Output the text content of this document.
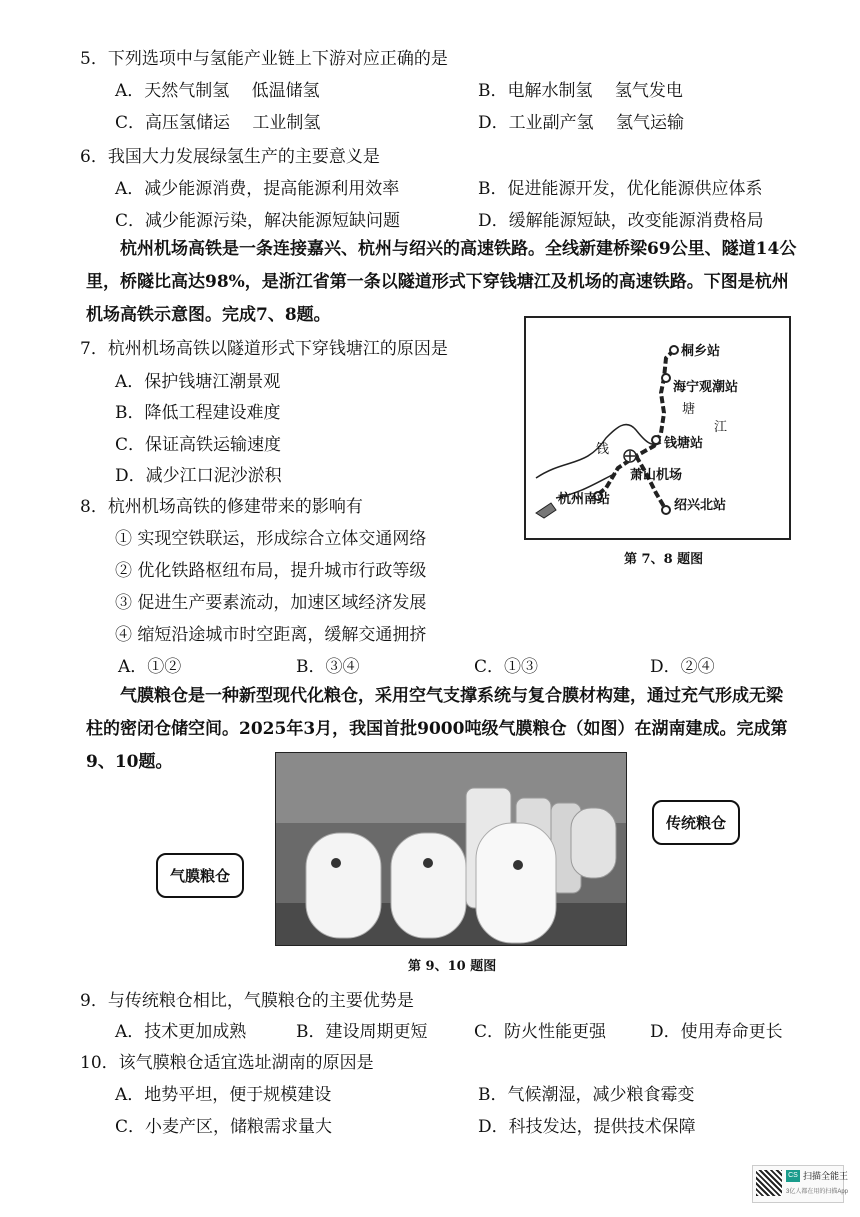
5．下列选项中与氢能产业链上下游对应正确的是
A．天然气制氢　 低温储氢	B．电解水制氢　 氢气发电
C．高压氢储运　 工业制氢	D．工业副产氢　 氢气运输
6．我国大力发展绿氢生产的主要意义是
A．减少能源消费，提高能源利用效率	B．促进能源开发，优化能源供应体系
C．减少能源污染，解决能源短缺问题	D．缓解能源短缺，改变能源消费格局
杭州机场高铁是一条连接嘉兴、杭州与绍兴的高速铁路。全线新建桥梁69公里、隧道14公里，桥隧比高达98%，是浙江省第一条以隧道形式下穿钱塘江及机场的高速铁路。下图是杭州机场高铁示意图。完成7、8题。
7．杭州机场高铁以隧道形式下穿钱塘江的原因是
A．保护钱塘江潮景观
B．降低工程建设难度
C．保证高铁运输速度
D．减少江口泥沙淤积
桐乡站
海宁观潮站
塘
江
钱	钱塘站
萧山机场
杭州南站	绍兴北站
第 7、8 题图
8．杭州机场高铁的修建带来的影响有
① 实现空铁联运，形成综合立体交通网络
② 优化铁路枢纽布局，提升城市行政等级
③ 促进生产要素流动，加速区域经济发展
④ 缩短沿途城市时空距离，缓解交通拥挤
A．①②	B．③④	C．①③	D．②④
气膜粮仓是一种新型现代化粮仓，采用空气支撑系统与复合膜材构建，通过充气形成无梁柱的密闭仓储空间。2025年3月，我国首批9000吨级气膜粮仓（如图）在湖南建成。完成第9、10题。
气膜粮仓
传统粮仓
第 9、10 题图
9．与传统粮仓相比，气膜粮仓的主要优势是
A．技术更加成熟	B．建设周期更短	C．防火性能更强	D．使用寿命更长
10．该气膜粮仓适宜选址湖南的原因是
A．地势平坦，便于规模建设	B．气候潮湿，减少粮食霉变
C．小麦产区，储粮需求量大	D．科技发达，提供技术保障
CS 扫描全能王
3亿人都在用的扫描App
